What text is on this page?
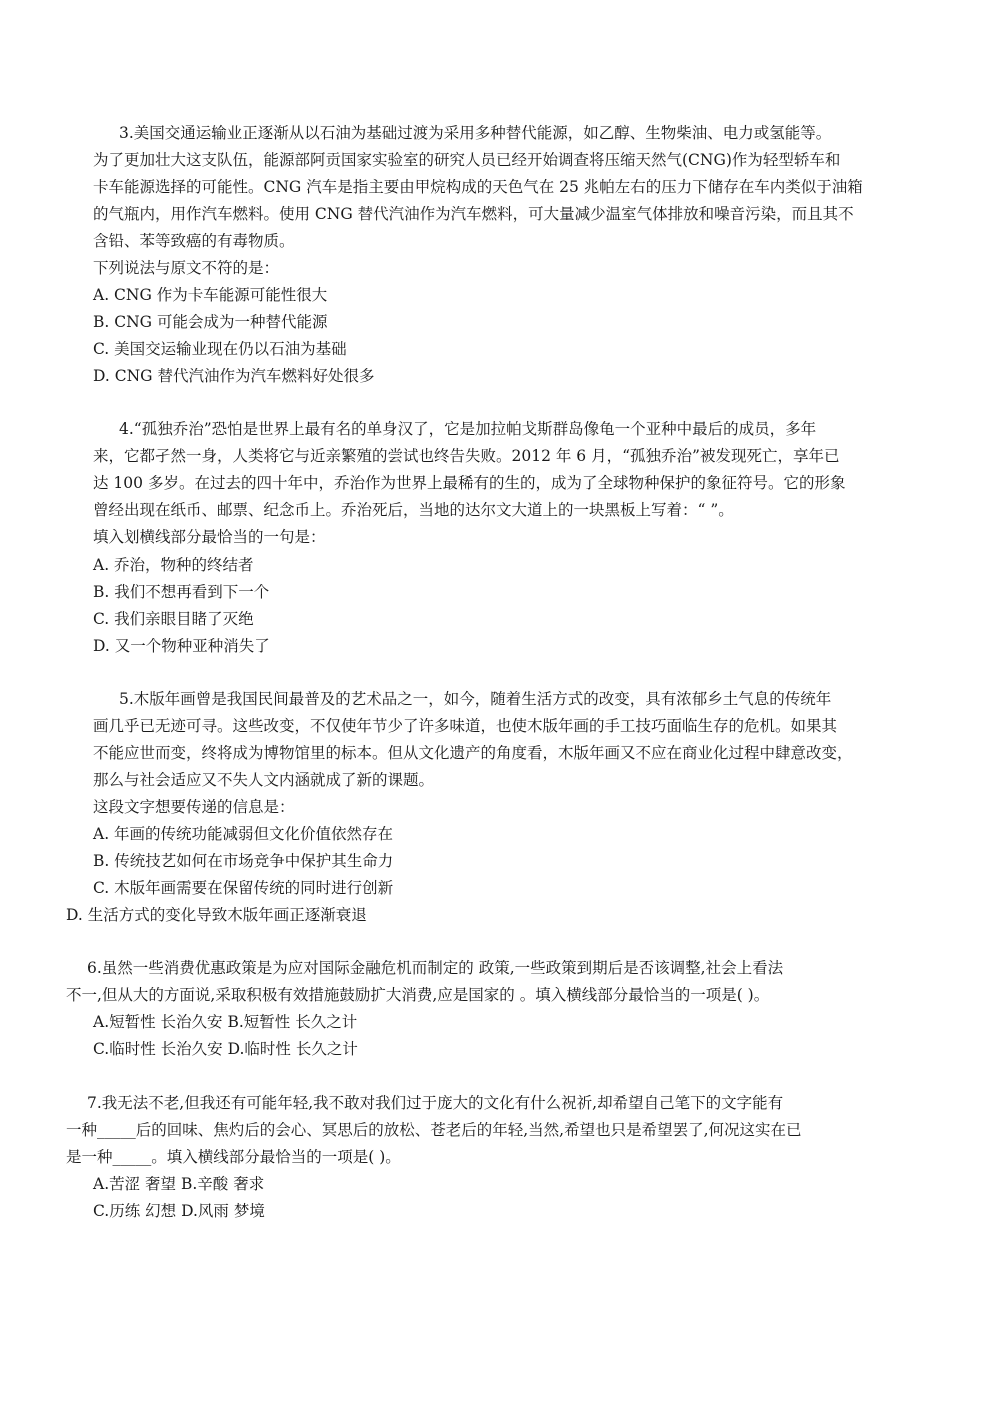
3.美国交通运输业正逐渐从以石油为基础过渡为采用多种替代能源，如乙醇、生物柴油、电力或氢能等。
为了更加壮大这支队伍，能源部阿贡国家实验室的研究人员已经开始调查将压缩天然气(CNG)作为轻型轿车和
卡车能源选择的可能性。CNG 汽车是指主要由甲烷构成的天色气在 25 兆帕左右的压力下储存在车内类似于油箱
的气瓶内，用作汽车燃料。使用 CNG 替代汽油作为汽车燃料，可大量减少温室气体排放和噪音污染，而且其不
含铅、苯等致癌的有毒物质。
下列说法与原文不符的是：
A. CNG 作为卡车能源可能性很大
B. CNG 可能会成为一种替代能源
C. 美国交运输业现在仍以石油为基础
D. CNG 替代汽油作为汽车燃料好处很多
4.“孤独乔治”恐怕是世界上最有名的单身汉了，它是加拉帕戈斯群岛像龟一个亚种中最后的成员，多年
来，它都孑然一身，人类将它与近亲繁殖的尝试也终告失败。2012 年 6 月，“孤独乔治”被发现死亡，享年已
达 100 多岁。在过去的四十年中，乔治作为世界上最稀有的生的，成为了全球物种保护的象征符号。它的形象
曾经出现在纸币、邮票、纪念币上。乔治死后，当地的达尔文大道上的一块黑板上写着：“ ”。
填入划横线部分最恰当的一句是：
A. 乔治，物种的终结者
B. 我们不想再看到下一个
C. 我们亲眼目睹了灭绝
D. 又一个物种亚种消失了
5.木版年画曾是我国民间最普及的艺术品之一，如今，随着生活方式的改变，具有浓郁乡土气息的传统年
画几乎已无迹可寻。这些改变，不仅使年节少了许多味道，也使木版年画的手工技巧面临生存的危机。如果其
不能应世而变，终将成为博物馆里的标本。但从文化遗产的角度看，木版年画又不应在商业化过程中肆意改变，
那么与社会适应又不失人文内涵就成了新的课题。
这段文字想要传递的信息是：
A. 年画的传统功能减弱但文化价值依然存在
B. 传统技艺如何在市场竞争中保护其生命力
C. 木版年画需要在保留传统的同时进行创新
D. 生活方式的变化导致木版年画正逐渐衰退
6.虽然一些消费优惠政策是为应对国际金融危机而制定的 政策,一些政策到期后是否该调整,社会上看法
不一,但从大的方面说,采取积极有效措施鼓励扩大消费,应是国家的 。填入横线部分最恰当的一项是( )。
A.短暂性 长治久安 B.短暂性 长久之计
C.临时性 长治久安 D.临时性 长久之计
7.我无法不老,但我还有可能年轻,我不敢对我们过于庞大的文化有什么祝祈,却希望自己笔下的文字能有
一种_____后的回味、焦灼后的会心、冥思后的放松、苍老后的年轻,当然,希望也只是希望罢了,何况这实在已
是一种_____。填入横线部分最恰当的一项是( )。
A.苦涩 奢望 B.辛酸 奢求
C.历练 幻想 D.风雨 梦境
